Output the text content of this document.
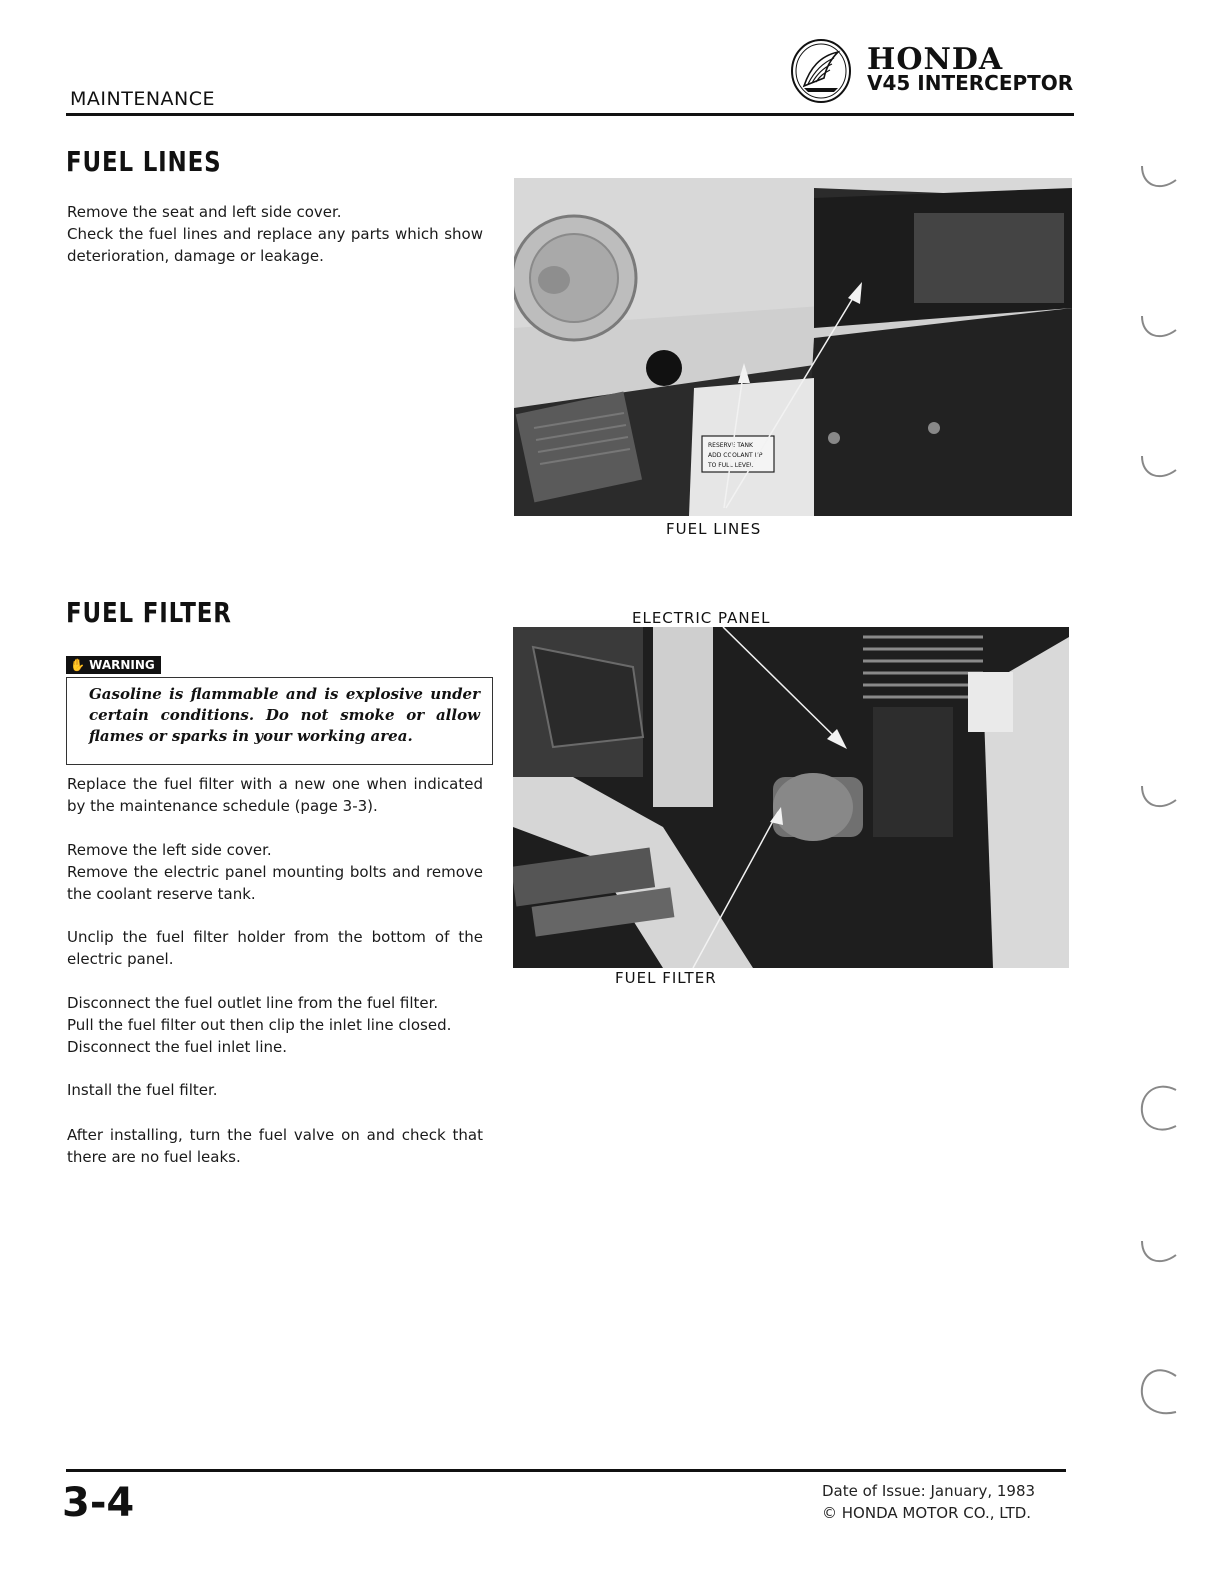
MAINTENANCE
HONDA
V45 INTERCEPTOR
FUEL LINES
Remove the seat and left side cover.
Check the fuel lines and replace any parts which show deterioration, damage or leakage.
RESERVE TANK
ADD COOLANT UP
TO FULL LEVEL
FUEL LINES
FUEL FILTER
✋ WARNING
Gasoline is flammable and is explosive under certain conditions. Do not smoke or allow flames or sparks in your working area.
Replace the fuel filter with a new one when indicated by the maintenance schedule (page 3-3).
Remove the left side cover.
Remove the electric panel mounting bolts and remove the coolant reserve tank.
Unclip the fuel filter holder from the bottom of the electric panel.
Disconnect the fuel outlet line from the fuel filter.
Pull the fuel filter out then clip the inlet line closed.
Disconnect the fuel inlet line.
Install the fuel filter.
After installing, turn the fuel valve on and check that there are no fuel leaks.
ELECTRIC PANEL
FUEL FILTER
3-4	Date of Issue: January, 1983
© HONDA MOTOR CO., LTD.
